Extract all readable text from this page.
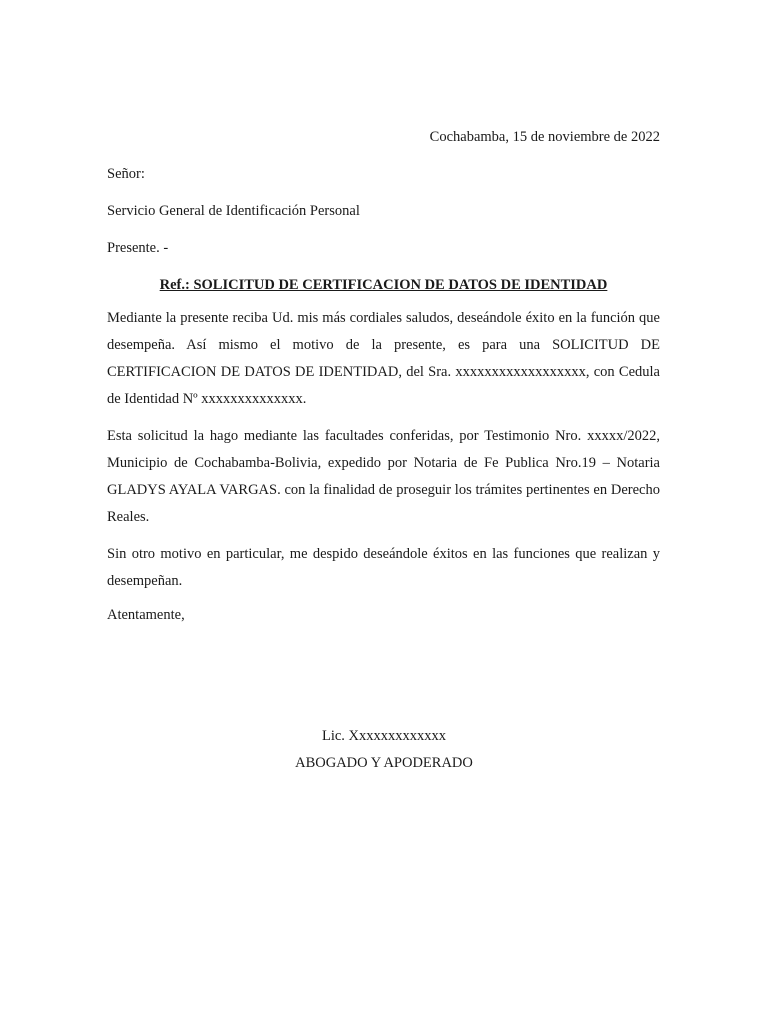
Cochabamba, 15 de noviembre de 2022

Señor:

Servicio General de Identificación Personal

Presente. -

Ref.: SOLICITUD DE CERTIFICACION DE DATOS DE IDENTIDAD

Mediante la presente reciba Ud. mis más cordiales saludos, deseándole éxito en la función que desempeña. Así mismo el motivo de la presente, es para una SOLICITUD DE CERTIFICACION DE DATOS DE IDENTIDAD, del Sra. xxxxxxxxxxxxxxxxxx, con Cedula de Identidad Nº xxxxxxxxxxxxxx.

Esta solicitud la hago mediante las facultades conferidas, por Testimonio Nro. xxxxx/2022, Municipio de Cochabamba-Bolivia, expedido por Notaria de Fe Publica Nro.19 – Notaria GLADYS AYALA VARGAS. con la finalidad de proseguir los trámites pertinentes en Derecho Reales.

Sin otro motivo en particular, me despido deseándole éxitos en las funciones que realizan y desempeñan.

Atentamente,

Lic. Xxxxxxxxxxxxx
ABOGADO Y APODERADO
